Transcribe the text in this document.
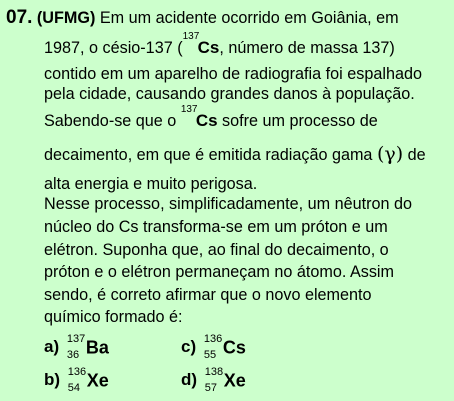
07. (UFMG) Em um acidente ocorrido em Goiânia, em
1987, o césio-137 (
137
Cs, número de massa 137)
contido em um aparelho de radiografia foi espalhado
pela cidade, causando grandes danos à população.
Sabendo-se que o
137
Cs sofre um processo de
decaimento, em que é emitida radiação gama (γ) de
alta energia e muito perigosa.
Nesse processo, simplificadamente, um nêutron do
núcleo do Cs transforma-se em um próton e um
elétron. Suponha que, ao final do decaimento, o
próton e o elétron permaneçam no átomo. Assim
sendo, é correto afirmar que o novo elemento
químico formado é:
a) 137
36 Ba	c) 136
55 Cs
b) 136
54 Xe	d) 138
57 Xe
